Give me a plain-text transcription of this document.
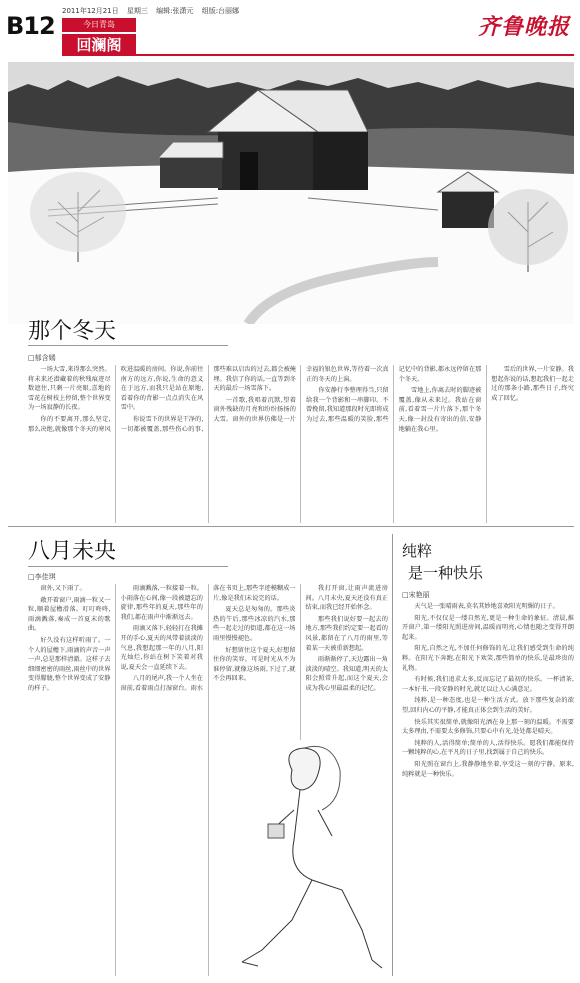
B12
2011年12月21日 星期三 编辑:张潇元 组版:台丽娜
今日青岛
回澜阁
齐鲁晚报
那个冬天
□郁含嫣

一场大雪,来得那么突然。将未来还潜藏着的秋残痕迹尽数遮住,只剩一片亮眼,喜地的雪花在树枝上停留,整个世界变为一场寂静的长夜。

你的不要离开,那么坚定,那么决绝,就像那个冬天的寒风吹进温暖的房间。你说,你前往南方的远方,你说,生命的意义在于远方,而我只是站在原地,看着你的背影一点点消失在风雪中。

你说雪下的世界是干净的,一切都被覆盖,那些伤心的事,那些难以启齿的过去,都会被掩埋。我信了你的话,一直等到冬天的最后一场雪落下。

一首歌,我唱着沉默,望着窗外残缺的月亮和纷纷扬扬的大雪。窗外的世界仿佛是一片幸福的银色世界,等待着一次真正的冬天的上演。

你安静行李整理得当,只留给我一个背影和一串脚印。不曾挽留,我知道那段时光即将成为过去,那些温暖的笑脸,那些记忆中的背影,都永远停留在那个冬天。

雪地上,你离去时的脚迹被覆盖,像从未来过。我站在窗前,看着雪一片片落下,那个冬天,像一封没有寄出的信,安静地躺在我心里。

雪后的世界,一片安静。我想起你说的话,想起我们一起走过的那条小路,那些日子,终究成了回忆。

八月未央
□李佳琪

窗外,又下雨了。

敞开着窗户,雨滴一粒又一粒,顺着屋檐滑落。叮叮咚咚,雨滴溅落,奏成一首夏末的歌曲。

好久没有这样听雨了。一个人的屋檐下,雨滴的声音一声一声,总是那样清澈。这样子去细细密密的雨丝,雨丝中的世界变得朦胧,整个世界变成了安静的样子。

雨滴溅落,一粒接着一粒。小雨落在心间,像一段被遗忘的旋律,那些年的夏天,那些年的我们,都在雨声中渐渐远去。

雨滴又落下,轻轻打在我摊开的手心,夏天的风带着淡淡的气息,我想起那一年的八月,阳光灿烂,你站在树下笑着对我说,夏天会一直延续下去。

八月的尾声,我一个人坐在窗前,看着雨点打湿窗台。雨水落在书页上,那些字迹模糊成一片,像是我们未说完的话。

夏天总是匆匆的。那些炎热的午后,那些冰凉的汽水,那些一起走过的街道,都在这一场雨里慢慢褪色。

好想留住这个夏天,好想留住你的笑容。可是时光从不为谁停留,就像这场雨,下过了,就不会再回来。

我打开窗,让雨声流进房间。八月未央,夏天还没有真正结束,而我已经开始怀念。

那些我们说好要一起去的地方,那些我们约定要一起看的风景,都留在了八月的雨里,等着某一天被重新想起。

雨渐渐停了,天边露出一角淡淡的晴空。我知道,明天的太阳会照常升起,而这个夏天,会成为我心里最温柔的记忆。

纯粹
是一种快乐
□宋艳丽

天气是一张晴雨表,莫名其妙地喜欢阳光明媚的日子。

阳光,不仅仅是一缕自然光,更是一种生命的象征。清晨,推开窗户,第一缕阳光照进房间,温暖而明亮,心情也随之变得开朗起来。

阳光,自然之光,不加任何修饰的光,让我们感受到生命的纯粹。在阳光下奔跑,在阳光下欢笑,那些简单的快乐,是最珍贵的礼物。

有时候,我们追求太多,反而忘记了最初的快乐。一杯清茶,一本好书,一段安静的时光,就足以让人心满意足。

纯粹,是一种态度,也是一种生活方式。放下那些复杂的欲望,回归内心的平静,才能真正体会到生活的美好。

快乐其实很简单,就像阳光洒在身上那一刻的温暖。不需要太多理由,不需要太多修饰,只要心中有光,处处都是晴天。

纯粹的人,活得简单;简单的人,活得快乐。愿我们都能保持一颗纯粹的心,在平凡的日子里,找到属于自己的快乐。

阳光照在窗台上,我静静地坐着,享受这一刻的宁静。原来,纯粹就是一种快乐。
